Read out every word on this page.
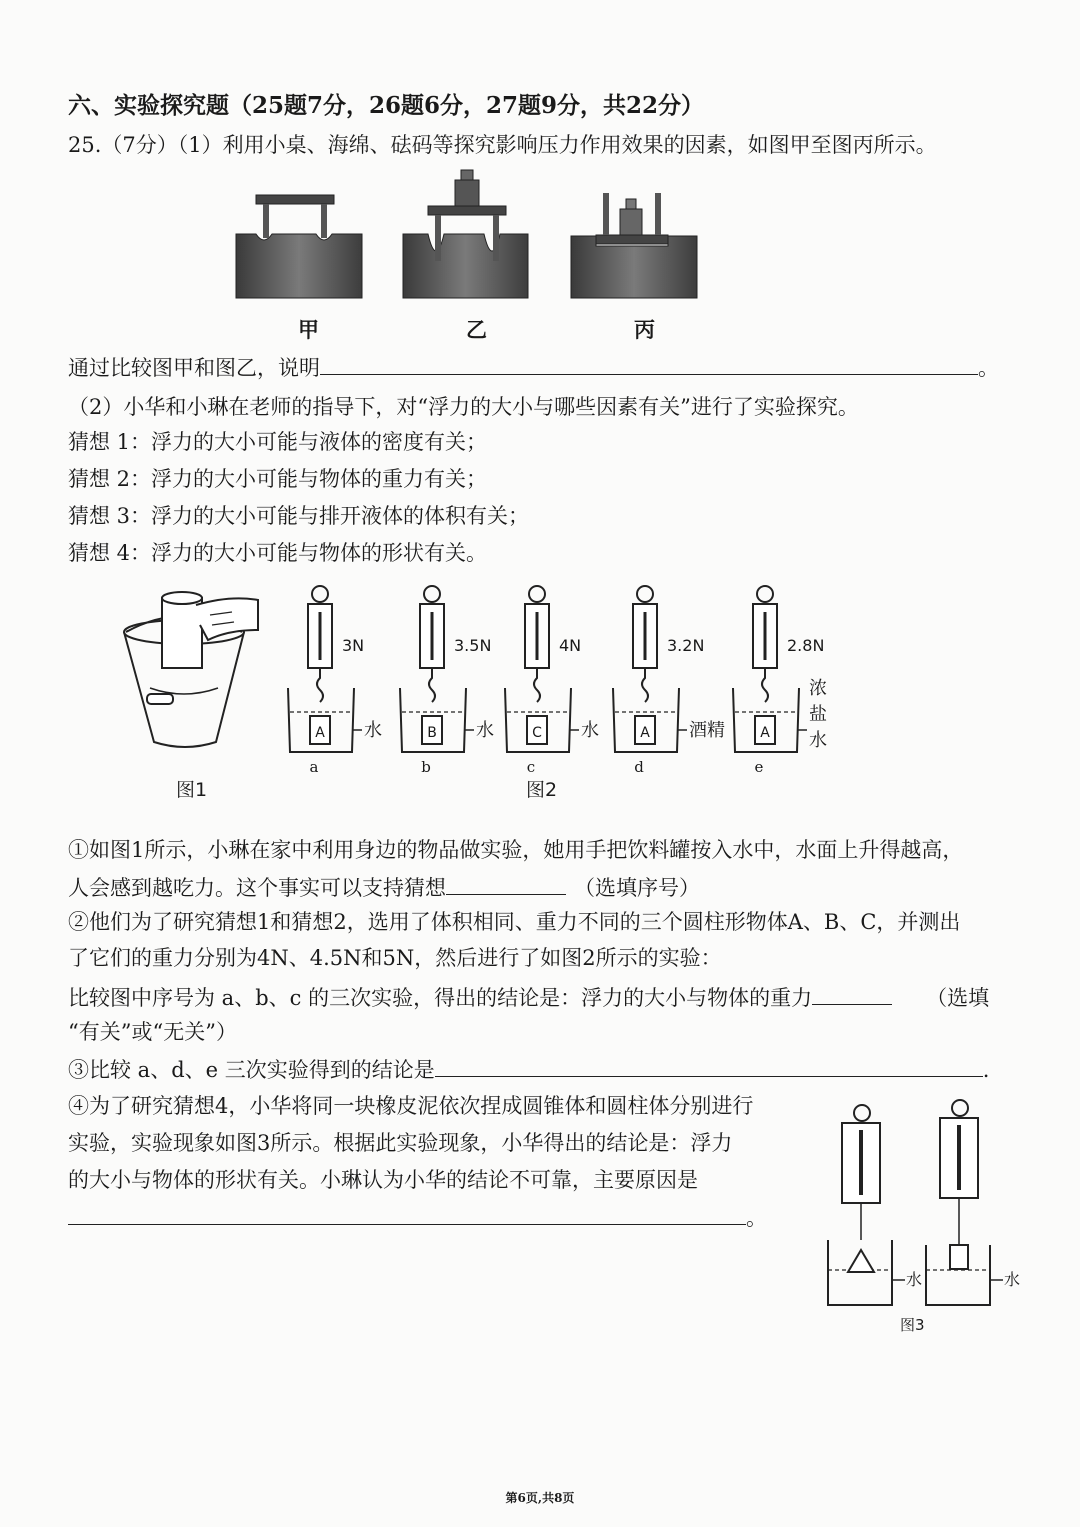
六、实验探究题（25题7分，26题6分，27题9分，共22分）
25.（7分）（1）利用小桌、海绵、砝码等探究影响压力作用效果的因素，如图甲至图丙所示。
通过比较图甲和图乙，说明	。
（2）小华和小琳在老师的指导下，对“浮力的大小与哪些因素有关”进行了实验探究。
猜想 1：浮力的大小可能与液体的密度有关；
猜想 2：浮力的大小可能与物体的重力有关；
猜想 3：浮力的大小可能与排开液体的体积有关；
猜想 4：浮力的大小可能与物体的形状有关。
①如图1所示，小琳在家中利用身边的物品做实验，她用手把饮料罐按入水中，水面上升得越高，
人会感到越吃力。这个事实可以支持猜想	（选填序号）
②他们为了研究猜想1和猜想2，选用了体积相同、重力不同的三个圆柱形物体A、B、C，并测出
了它们的重力分别为4N、4.5N和5N，然后进行了如图2所示的实验：
比较图中序号为 a、b、c 的三次实验，得出的结论是：浮力的大小与物体的重力	（选填
“有关”或“无关”）
③比较 a、d、e 三次实验得到的结论是	.
④为了研究猜想4，小华将同一块橡皮泥依次捏成圆锥体和圆柱体分别进行
实验，实验现象如图3所示。根据此实验现象，小华得出的结论是：浮力
的大小与物体的形状有关。小琳认为小华的结论不可靠，主要原因是
。
甲	乙	丙
图1	图2
3N
A 水
a
3.5N
B 水
b
4N
C 水
c
3.2N
A 酒精
d
2.8N
A
浓
盐
水
e
水	水
图3
第6页,共8页
